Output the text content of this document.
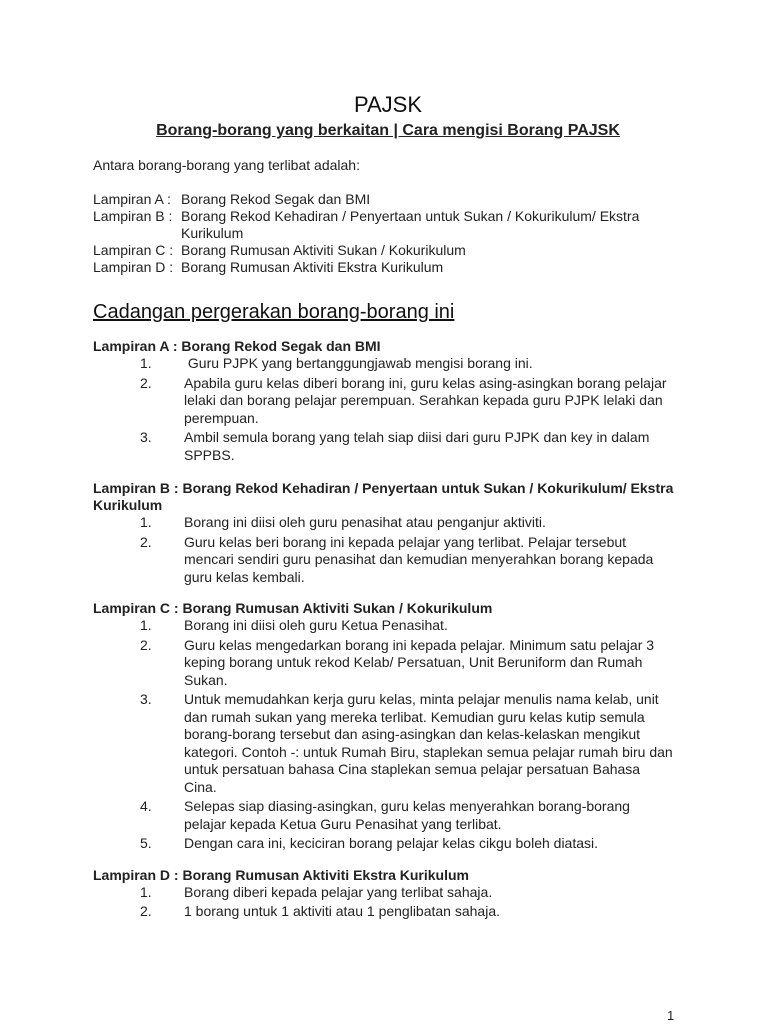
PAJSK
Borang-borang yang berkaitan | Cara mengisi Borang PAJSK
Antara borang-borang yang terlibat adalah:
Lampiran A : Borang Rekod Segak dan BMI
Lampiran B : Borang Rekod Kehadiran / Penyertaan untuk Sukan / Kokurikulum/ Ekstra Kurikulum
Lampiran C : Borang Rumusan Aktiviti Sukan / Kokurikulum
Lampiran D : Borang Rumusan Aktiviti Ekstra Kurikulum
Cadangan pergerakan borang-borang ini
Lampiran A : Borang Rekod Segak dan BMI
1.	Guru PJPK yang bertanggungjawab mengisi borang ini.
2.	Apabila guru kelas diberi borang ini, guru kelas asing-asingkan borang pelajar lelaki dan borang pelajar perempuan. Serahkan kepada guru PJPK lelaki dan perempuan.
3.	Ambil semula borang yang telah siap diisi dari guru PJPK dan key in dalam SPPBS.
Lampiran B : Borang Rekod Kehadiran / Penyertaan untuk Sukan / Kokurikulum/ Ekstra Kurikulum
1.	Borang ini diisi oleh guru penasihat atau penganjur aktiviti.
2.	Guru kelas beri borang ini kepada pelajar yang terlibat. Pelajar tersebut mencari sendiri guru penasihat dan kemudian menyerahkan borang kepada guru kelas kembali.
Lampiran C : Borang Rumusan Aktiviti Sukan / Kokurikulum
1.	Borang ini diisi oleh guru Ketua Penasihat.
2.	Guru kelas mengedarkan borang ini kepada pelajar. Minimum satu pelajar 3 keping borang untuk rekod Kelab/ Persatuan, Unit Beruniform dan Rumah Sukan.
3.	Untuk memudahkan kerja guru kelas, minta pelajar menulis nama kelab, unit dan rumah sukan yang mereka terlibat. Kemudian guru kelas kutip semula borang-borang tersebut dan asing-asingkan dan kelas-kelaskan mengikut kategori. Contoh -: untuk Rumah Biru, staplekan semua pelajar rumah biru dan untuk persatuan bahasa Cina staplekan semua pelajar persatuan Bahasa Cina.
4.	Selepas siap diasing-asingkan, guru kelas menyerahkan borang-borang pelajar kepada Ketua Guru Penasihat yang terlibat.
5.	Dengan cara ini, keciciran borang pelajar kelas cikgu boleh diatasi.
Lampiran D : Borang Rumusan Aktiviti Ekstra Kurikulum
1.	Borang diberi kepada pelajar yang terlibat sahaja.
2.	1 borang untuk 1 aktiviti atau 1 penglibatan sahaja.
1
